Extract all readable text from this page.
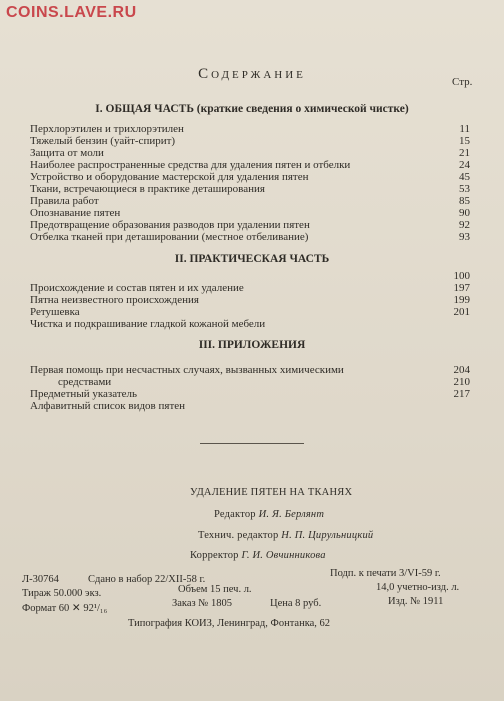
COINS.LAVE.RU
Содержание	Стр.
I. ОБЩАЯ ЧАСТЬ (краткие сведения о химической чистке)
Перхлорэтилен и трихлорэтилен	11
Тяжелый бензин (уайт-спирит)	15
Защита от моли	21
Наиболее распространенные средства для удаления пятен и отбелки	24
Устройство и оборудование мастерской для удаления пятен	45
Ткани, встречающиеся в практике деташирования	53
Правила работ	85
Опознавание пятен	90
Предотвращение образования разводов при удалении пятен	92
Отбелка тканей при деташировании (местное отбеливание)	93
II. ПРАКТИЧЕСКАЯ ЧАСТЬ
100
Происхождение и состав пятен и их удаление	197
Пятна неизвестного происхождения	199
Ретушевка	201
Чистка и подкрашивание гладкой кожаной мебели
III. ПРИЛОЖЕНИЯ
Первая помощь при несчастных случаях, вызванных химическими	204
средствами	210
Предметный указатель	217
Алфавитный список видов пятен
УДАЛЕНИЕ ПЯТЕН НА ТКАНЯХ
Редактор И. Я. Берлянт
Технич. редактор Н. П. Цирульницкий
Корректор Г. И. Овчинникова
Л-30764	Сдано в набор 22/XII-58 г.
Подп. к печати 3/VI-59 г.
Тираж 50.000 экз.	Объем 15 печ. л.	14,0 учетно-изд. л.
Формат 60 ✕ 92¹/₁₆	Заказ № 1805	Цена 8 руб.	Изд. № 1911
Типография КОИЗ, Ленинград, Фонтанка, 62
